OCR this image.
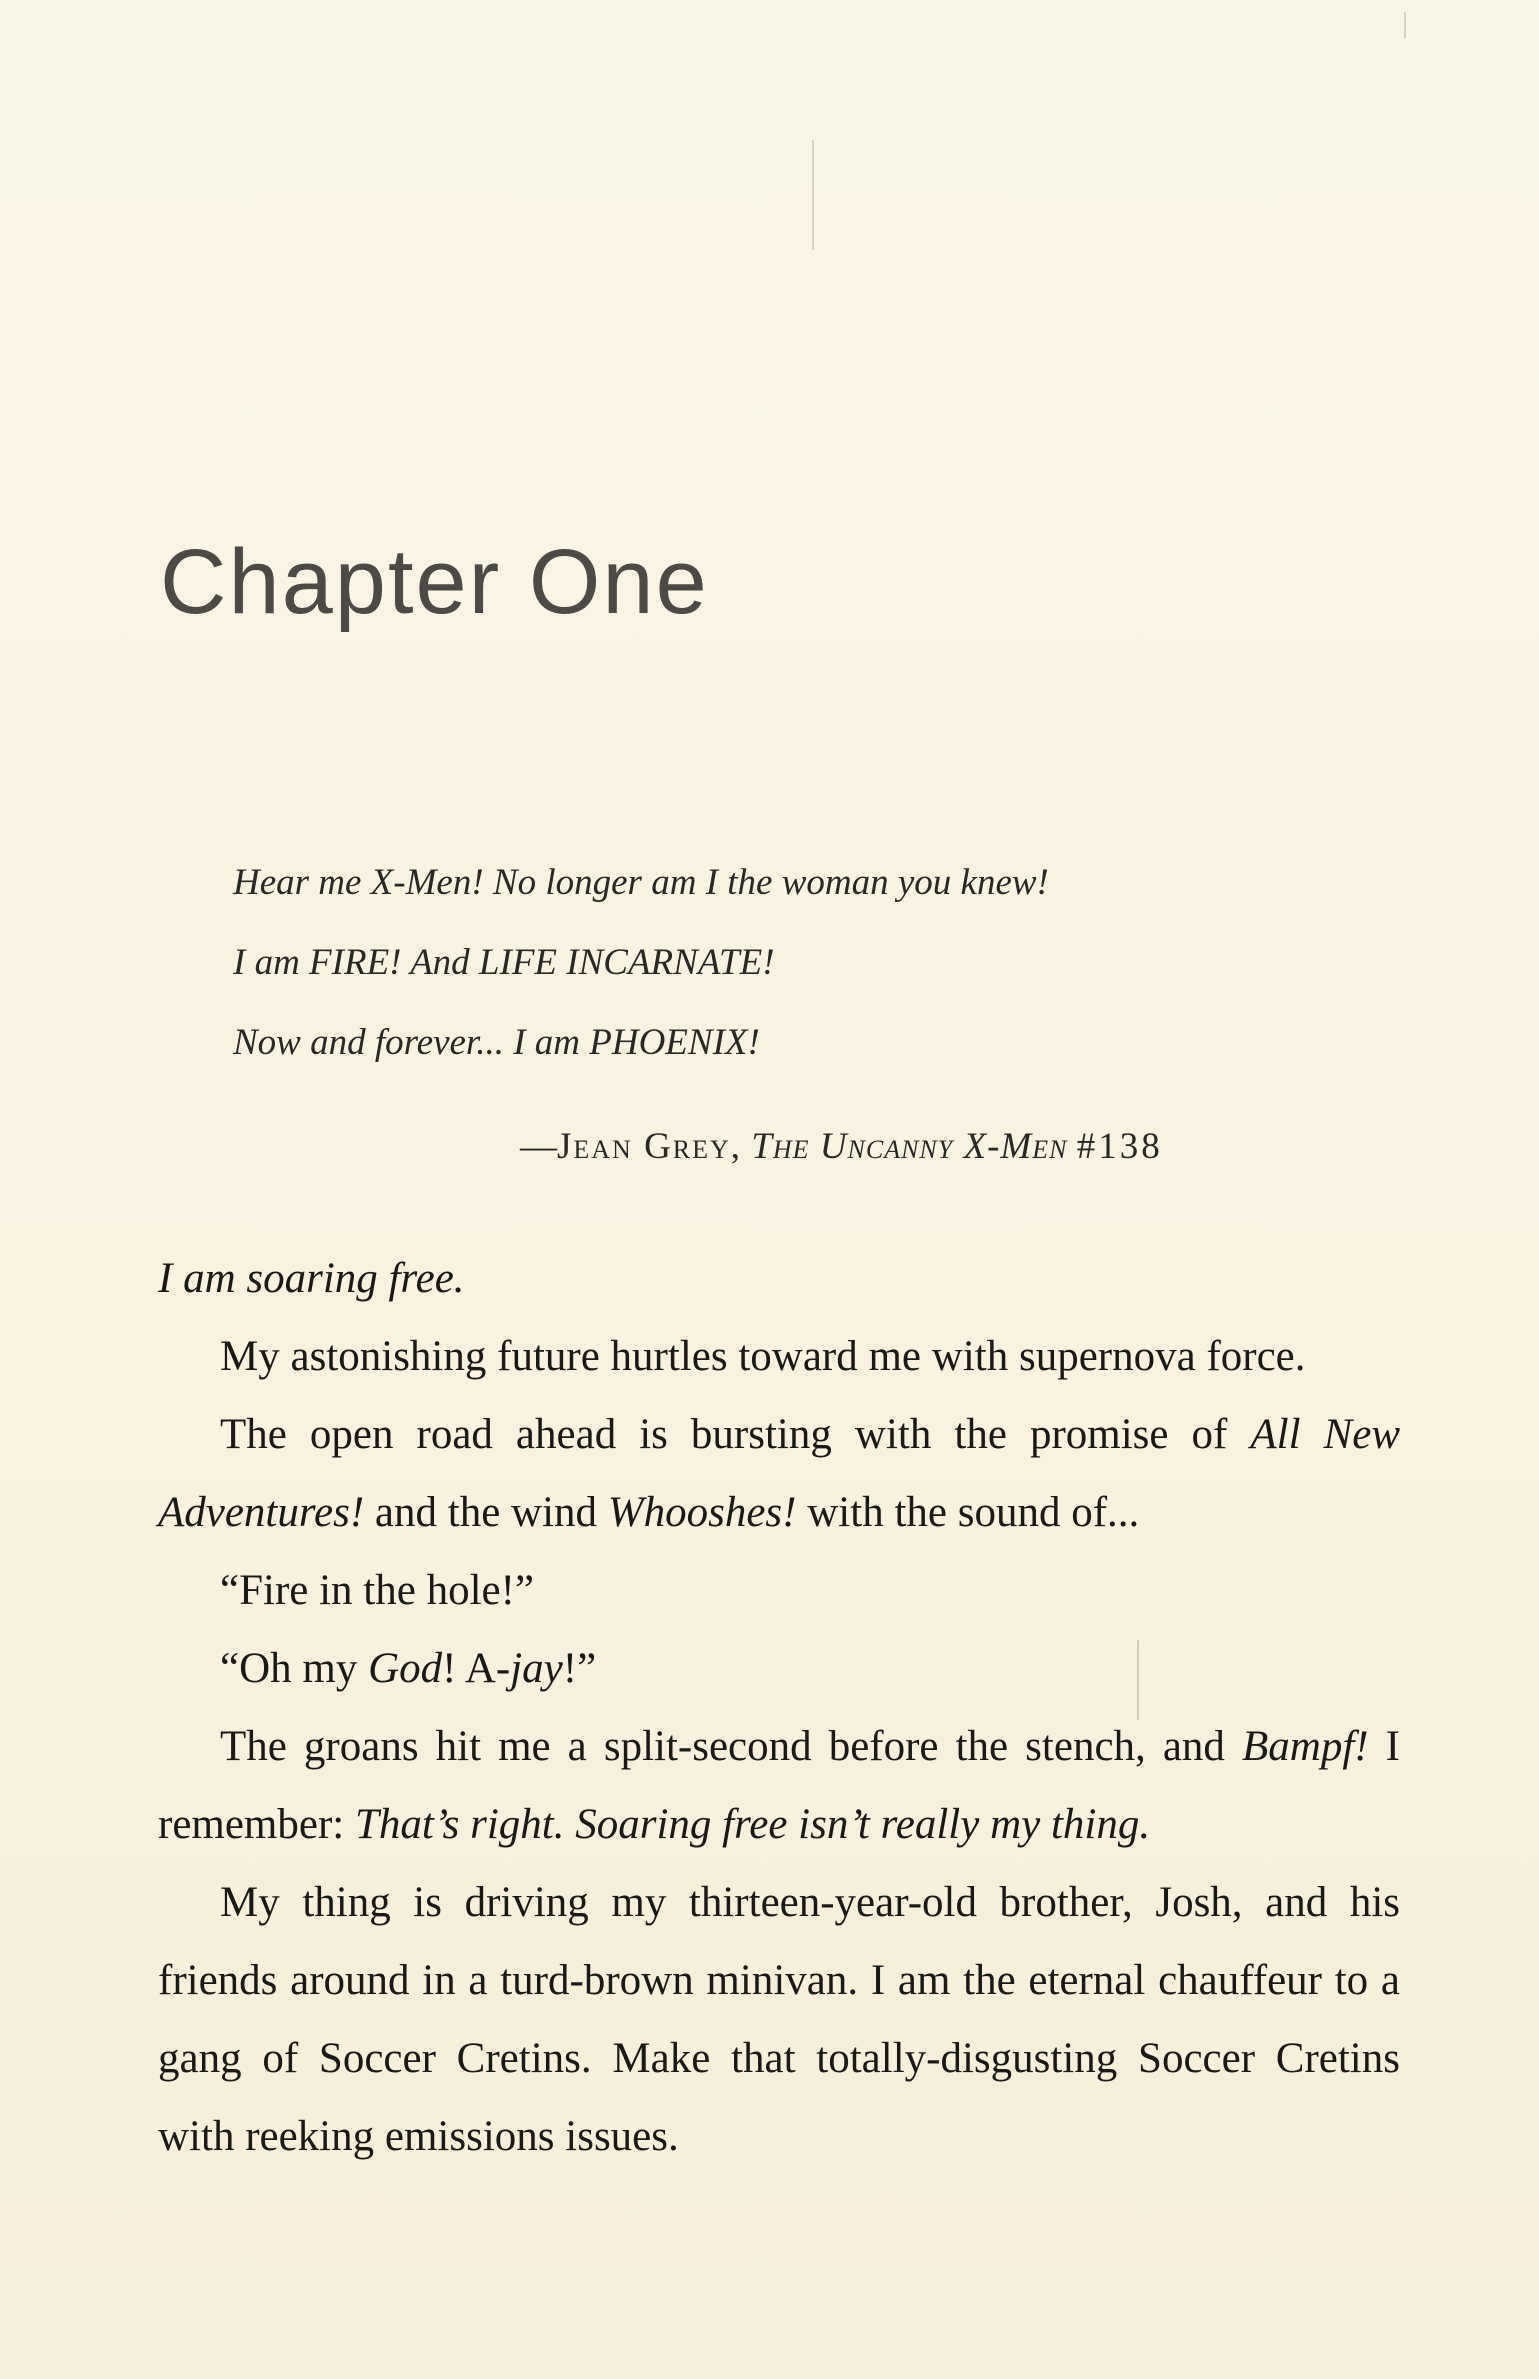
Chapter One
Hear me X-Men! No longer am I the woman you knew!
I am FIRE! And LIFE INCARNATE!
Now and forever... I am PHOENIX!
—Jean Grey, The Uncanny X-Men #138

I am soaring free.

My astonishing future hurtles toward me with supernova force.

The open road ahead is bursting with the promise of All New Adventures! and the wind Whooshes! with the sound of...

“Fire in the hole!”

“Oh my God! A-jay!”

The groans hit me a split-second before the stench, and Bampf! I remember: That’s right. Soaring free isn’t really my thing.

My thing is driving my thirteen-year-old brother, Josh, and his friends around in a turd-brown minivan. I am the eternal chauffeur to a gang of Soccer Cretins. Make that totally-disgusting Soccer Cretins with reeking emissions issues.
